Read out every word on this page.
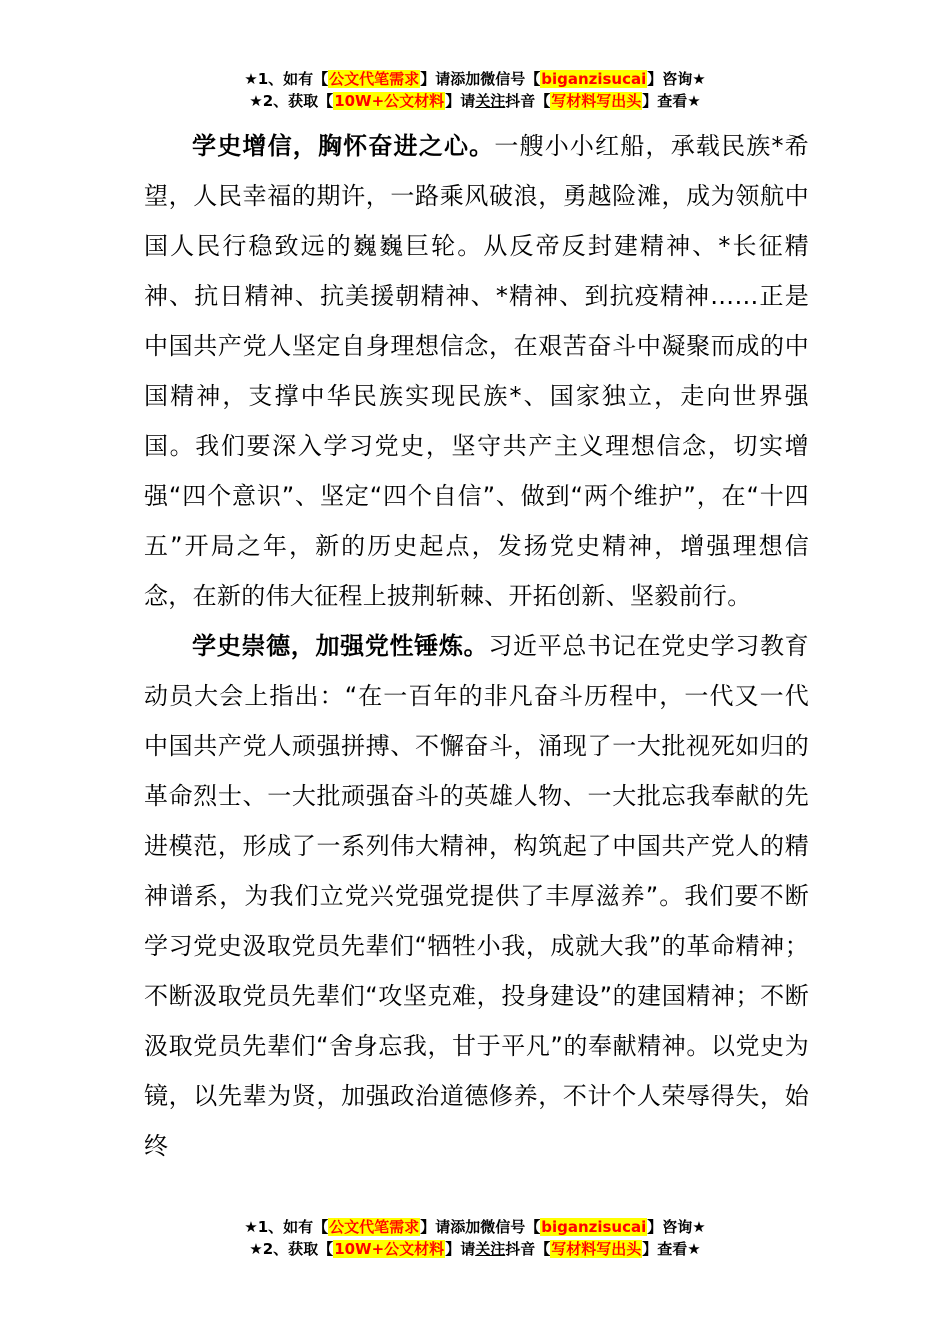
★1、如有【公文代笔需求】请添加微信号【biganzisucai】咨询★
★2、获取【10W+公文材料】请关注抖音【写材料写出头】查看★

学史增信，胸怀奋进之心。一艘小小红船，承载民族*希望，人民幸福的期许，一路乘风破浪，勇越险滩，成为领航中国人民行稳致远的巍巍巨轮。从反帝反封建精神、*长征精神、抗日精神、抗美援朝精神、*精神、到抗疫精神……正是中国共产党人坚定自身理想信念，在艰苦奋斗中凝聚而成的中国精神，支撑中华民族实现民族*、国家独立，走向世界强国。我们要深入学习党史，坚守共产主义理想信念，切实增强“四个意识”、坚定“四个自信”、做到“两个维护”，在“十四五”开局之年，新的历史起点，发扬党史精神，增强理想信念，在新的伟大征程上披荆斩棘、开拓创新、坚毅前行。

学史崇德，加强党性锤炼。习近平总书记在党史学习教育动员大会上指出：“在一百年的非凡奋斗历程中，一代又一代中国共产党人顽强拼搏、不懈奋斗，涌现了一大批视死如归的革命烈士、一大批顽强奋斗的英雄人物、一大批忘我奉献的先进模范，形成了一系列伟大精神，构筑起了中国共产党人的精神谱系，为我们立党兴党强党提供了丰厚滋养”。我们要不断学习党史汲取党员先辈们“牺牲小我，成就大我”的革命精神；不断汲取党员先辈们“攻坚克难，投身建设”的建国精神；不断汲取党员先辈们“舍身忘我，甘于平凡”的奉献精神。以党史为镜，以先辈为贤，加强政治道德修养，不计个人荣辱得失，始终

★1、如有【公文代笔需求】请添加微信号【biganzisucai】咨询★
★2、获取【10W+公文材料】请关注抖音【写材料写出头】查看★
